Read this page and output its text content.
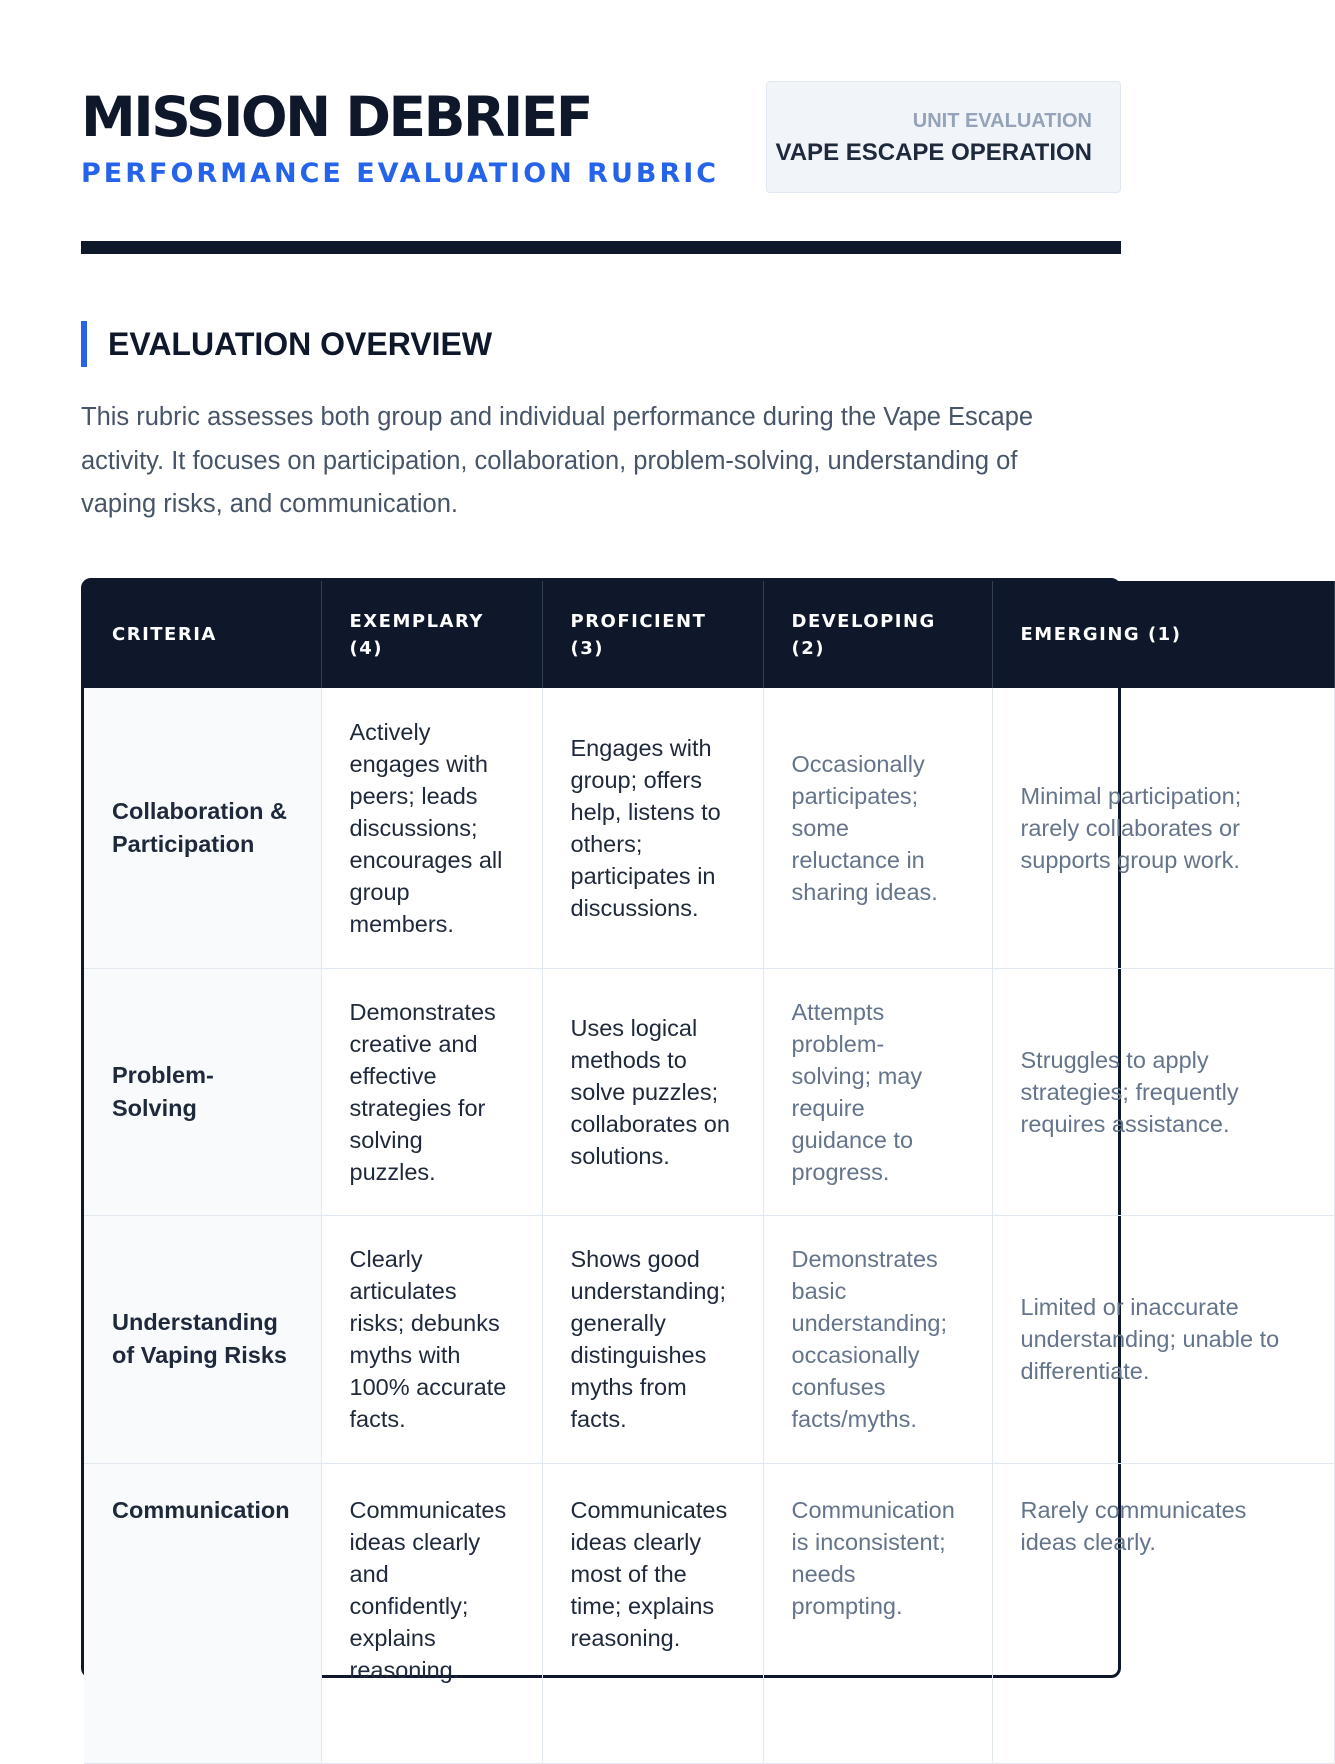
MISSION DEBRIEF
PERFORMANCE EVALUATION RUBRIC
UNIT EVALUATION
VAPE ESCAPE OPERATION
EVALUATION OVERVIEW

This rubric assesses both group and individual performance during the Vape Escape activity. It focuses on participation, collaboration, problem-solving, understanding of vaping risks, and communication.

CRITERIA	EXEMPLARY (4)	PROFICIENT (3)	DEVELOPING (2)	EMERGING (1)
Collaboration & Participation	Actively engages with peers; leads discussions; encourages all group members.	Engages with group; offers help, listens to others; participates in discussions.	Occasionally participates; some reluctance in sharing ideas.	Minimal participation; rarely collaborates or supports group work.
Problem-Solving	Demonstrates creative and effective strategies for solving puzzles.	Uses logical methods to solve puzzles; collaborates on solutions.	Attempts problem-solving; may require guidance to progress.	Struggles to apply strategies; frequently requires assistance.
Understanding of Vaping Risks	Clearly articulates risks; debunks myths with 100% accurate facts.	Shows good understanding; generally distinguishes myths from facts.	Demonstrates basic understanding; occasionally confuses facts/myths.	Limited or inaccurate understanding; unable to differentiate.
Communication	Communicates ideas clearly and confidently; explains reasoning.	Communicates ideas clearly most of the time; explains reasoning.	Communication is inconsistent; needs prompting.	Rarely communicates ideas clearly.
